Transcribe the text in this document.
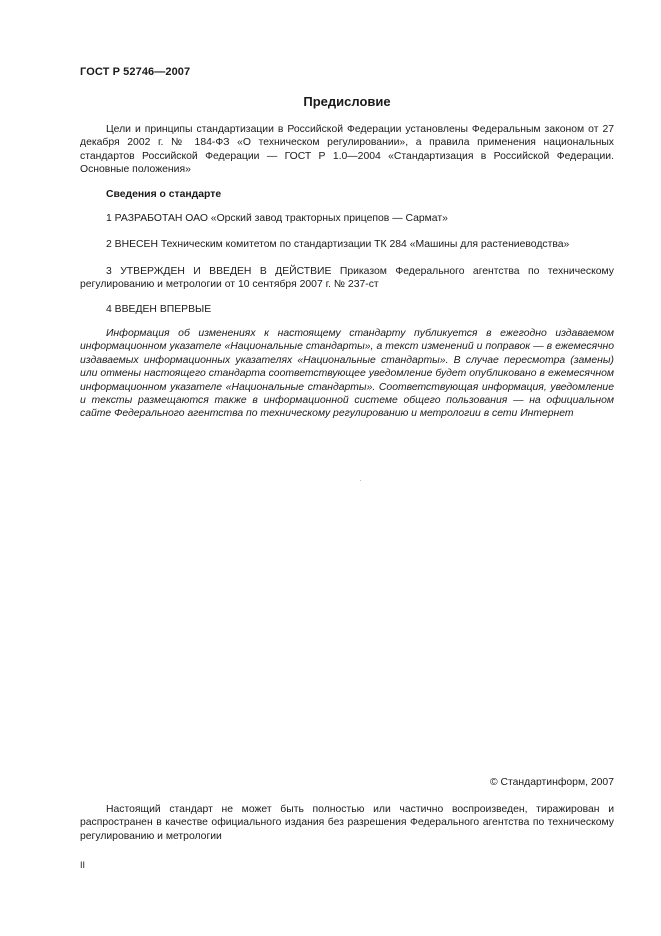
ГОСТ Р 52746—2007
Предисловие
Цели и принципы стандартизации в Российской Федерации установлены Федеральным законом от 27 декабря 2002 г. № 184-ФЗ «О техническом регулировании», а правила применения национальных стандартов Российской Федерации — ГОСТ Р 1.0—2004 «Стандартизация в Российской Федерации. Основные положения»
Сведения о стандарте
1 РАЗРАБОТАН ОАО «Орский завод тракторных прицепов — Сармат»
2 ВНЕСЕН Техническим комитетом по стандартизации ТК 284 «Машины для растениеводства»
3 УТВЕРЖДЕН И ВВЕДЕН В ДЕЙСТВИЕ Приказом Федерального агентства по техническому регулированию и метрологии от 10 сентября 2007 г. № 237-ст
4 ВВЕДЕН ВПЕРВЫЕ
Информация об изменениях к настоящему стандарту публикуется в ежегодно издаваемом информационном указателе «Национальные стандарты», а текст изменений и поправок — в ежемесячно издаваемых информационных указателях «Национальные стандарты». В случае пересмотра (замены) или отмены настоящего стандарта соответствующее уведомление будет опубликовано в ежемесячном информационном указателе «Национальные стандарты». Соответствующая информация, уведомление и тексты размещаются также в информационной системе общего пользования — на официальном сайте Федерального агентства по техническому регулированию и метрологии в сети Интернет
© Стандартинформ, 2007
Настоящий стандарт не может быть полностью или частично воспроизведен, тиражирован и распространен в качестве официального издания без разрешения Федерального агентства по техническому регулированию и метрологии
II
